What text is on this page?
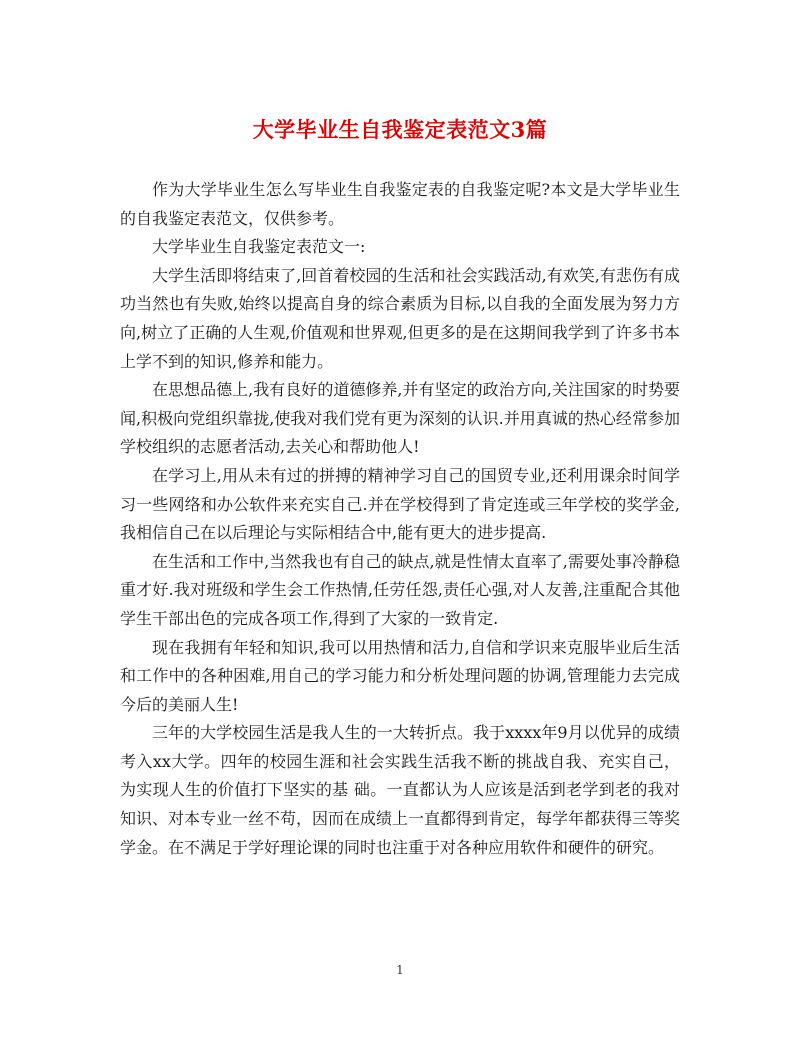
大学毕业生自我鉴定表范文3篇

作为大学毕业生怎么写毕业生自我鉴定表的自我鉴定呢?本文是大学毕业生的自我鉴定表范文，仅供参考。

大学毕业生自我鉴定表范文一:

大学生活即将结束了,回首着校园的生活和社会实践活动,有欢笑,有悲伤有成功当然也有失败,始终以提高自身的综合素质为目标,以自我的全面发展为努力方向,树立了正确的人生观,价值观和世界观,但更多的是在这期间我学到了许多书本上学不到的知识,修养和能力。

在思想品德上,我有良好的道德修养,并有坚定的政治方向,关注国家的时势要闻,积极向党组织靠拢,使我对我们党有更为深刻的认识.并用真诚的热心经常参加学校组织的志愿者活动,去关心和帮助他人!

在学习上,用从未有过的拼搏的精神学习自己的国贸专业,还利用课余时间学习一些网络和办公软件来充实自己.并在学校得到了肯定连或三年学校的奖学金,我相信自己在以后理论与实际相结合中,能有更大的进步提高.

在生活和工作中,当然我也有自己的缺点,就是性情太直率了,需要处事冷静稳重才好.我对班级和学生会工作热情,任劳任怨,责任心强,对人友善,注重配合其他学生干部出色的完成各项工作,得到了大家的一致肯定.

现在我拥有年轻和知识,我可以用热情和活力,自信和学识来克服毕业后生活和工作中的各种困难,用自己的学习能力和分析处理问题的协调,管理能力去完成今后的美丽人生!

三年的大学校园生活是我人生的一大转折点。我于xxxx年9月以优异的成绩考入xx大学。四年的校园生涯和社会实践生活我不断的挑战自我、充实自己，为实现人生的价值打下坚实的基 础。一直都认为人应该是活到老学到老的我对知识、对本专业一丝不苟，因而在成绩上一直都得到肯定，每学年都获得三等奖学金。在不满足于学好理论课的同时也注重于对各种应用软件和硬件的研究。

1
